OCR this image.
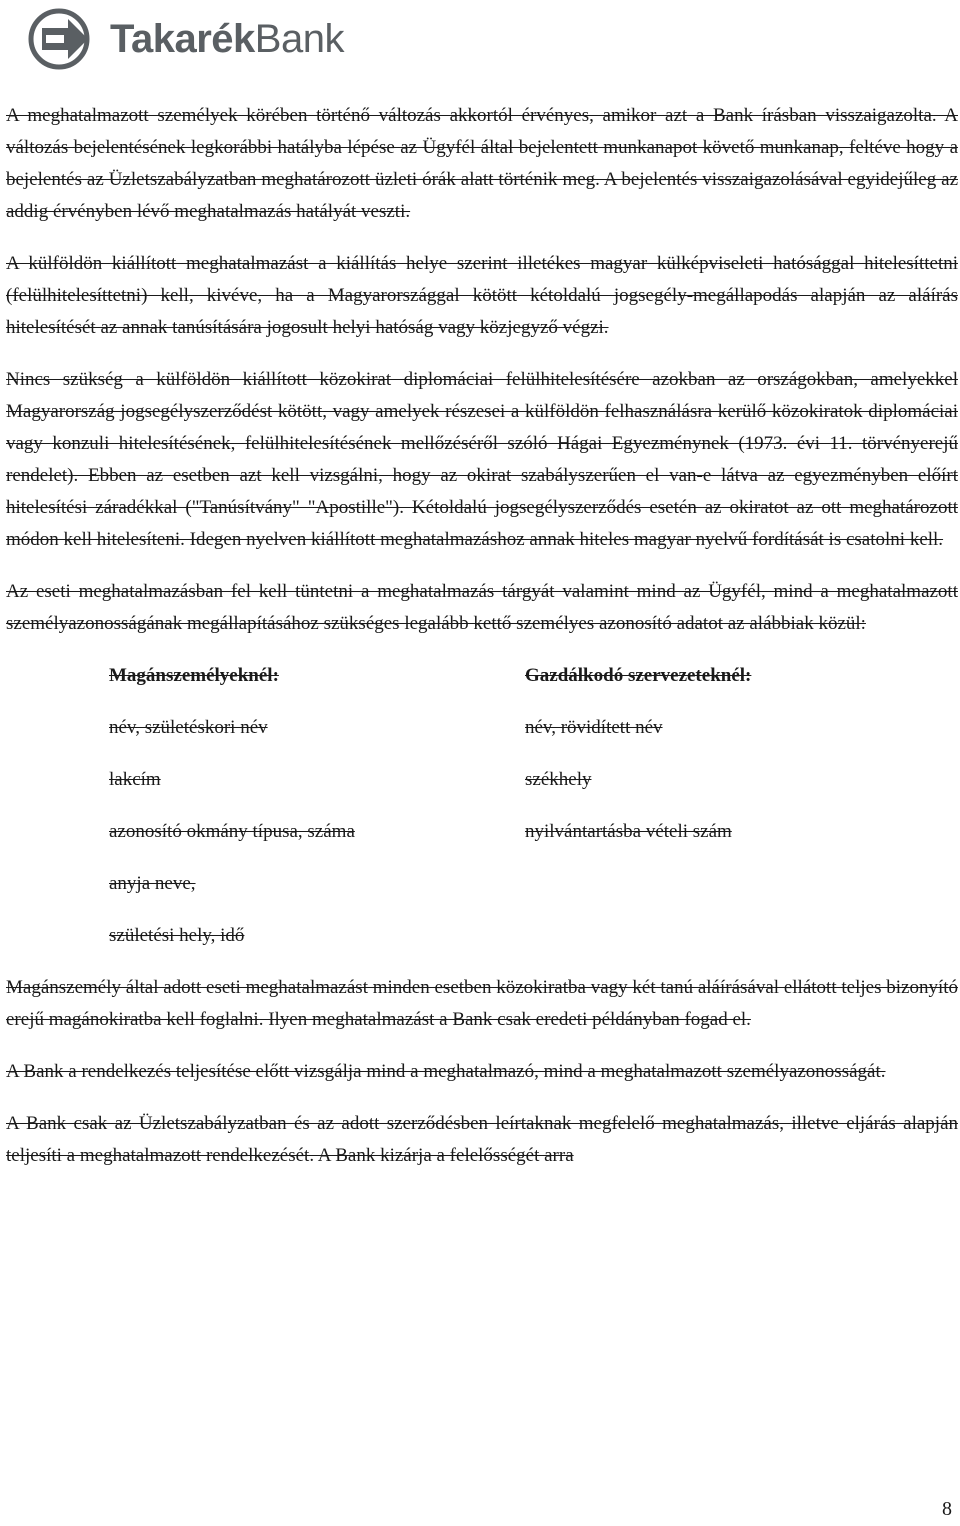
TakarékBank

A meghatalmazott személyek körében történő változás akkortól érvényes, amikor azt a Bank írásban visszaigazolta. A változás bejelentésének legkorábbi hatályba lépése az Ügyfél által bejelentett munkanapot követő munkanap, feltéve hogy a bejelentés az Üzletszabályzatban meghatározott üzleti órák alatt történik meg. A bejelentés visszaigazolásával egyidejűleg az addig érvényben lévő meghatalmazás hatályát veszti.

A külföldön kiállított meghatalmazást a kiállítás helye szerint illetékes magyar külképviseleti hatósággal hitelesíttetni (felülhitelesíttetni) kell, kivéve, ha a Magyarországgal kötött kétoldalú jogsegély-megállapodás alapján az aláírás hitelesítését az annak tanúsítására jogosult helyi hatóság vagy közjegyző végzi.

Nincs szükség a külföldön kiállított közokirat diplomáciai felülhitelesítésére azokban az országokban, amelyekkel Magyarország jogsegélyszerződést kötött, vagy amelyek részesei a külföldön felhasználásra kerülő közokiratok diplomáciai vagy konzuli hitelesítésének, felülhitelesítésének mellőzéséről szóló Hágai Egyezménynek (1973. évi 11. törvényerejű rendelet). Ebben az esetben azt kell vizsgálni, hogy az okirat szabályszerűen el van-e látva az egyezményben előírt hitelesítési záradékkal ("Tanúsítvány" "Apostille"). Kétoldalú jogsegélyszerződés esetén az okiratot az ott meghatározott módon kell hitelesíteni. Idegen nyelven kiállított meghatalmazáshoz annak hiteles magyar nyelvű fordítását is csatolni kell.

Az eseti meghatalmazásban fel kell tüntetni a meghatalmazás tárgyát valamint mind az Ügyfél, mind a meghatalmazott személyazonosságának megállapításához szükséges legalább kettő személyes azonosító adatot az alábbiak közül:

Magánszemélyeknél:
név, születéskori név
lakcím
azonosító okmány típusa, száma
anyja neve,
születési hely, idő
Gazdálkodó szervezeteknél:
név, rövidített név
székhely
nyilvántartásba vételi szám

Magánszemély által adott eseti meghatalmazást minden esetben közokiratba vagy két tanú aláírásával ellátott teljes bizonyító erejű magánokiratba kell foglalni. Ilyen meghatalmazást a Bank csak eredeti példányban fogad el.

A Bank a rendelkezés teljesítése előtt vizsgálja mind a meghatalmazó, mind a meghatalmazott személyazonosságát.

A Bank csak az Üzletszabályzatban és az adott szerződésben leírtaknak megfelelő meghatalmazás, illetve eljárás alapján teljesíti a meghatalmazott rendelkezését. A Bank kizárja a felelősségét arra

8
